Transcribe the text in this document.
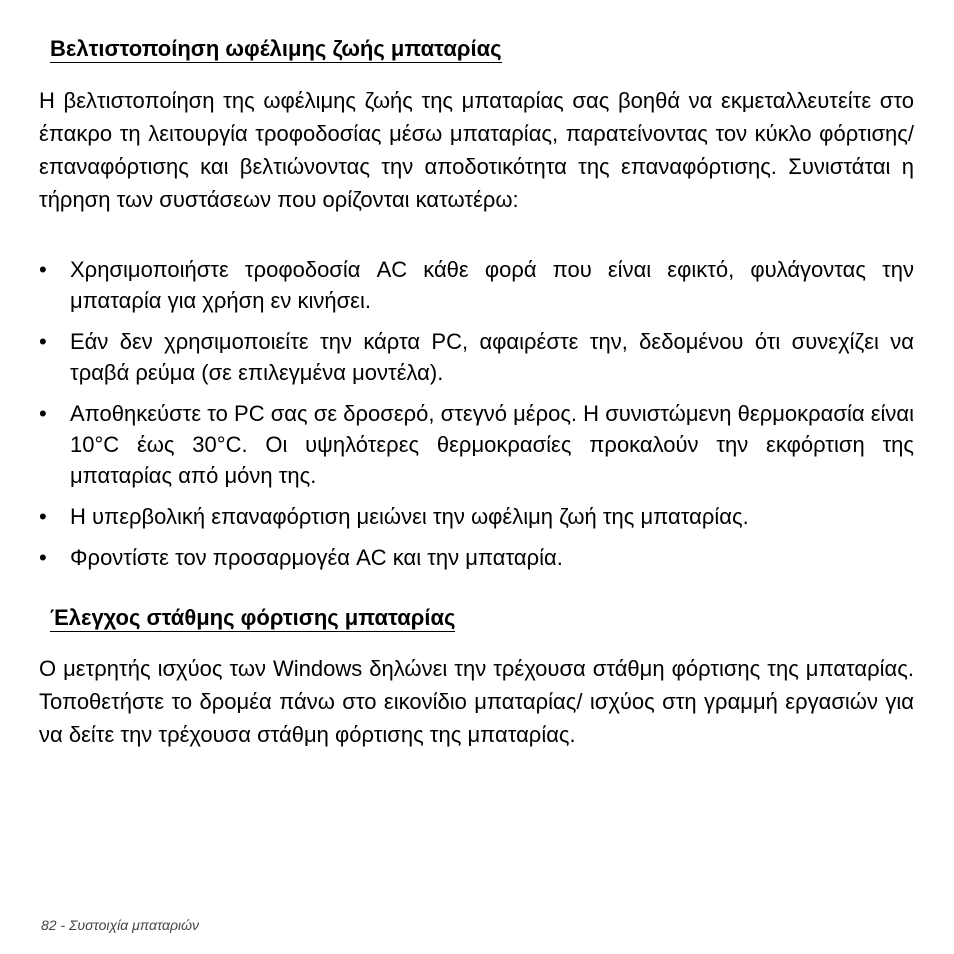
Βελτιστοποίηση ωφέλιμης ζωής μπαταρίας
Η βελτιστοποίηση της ωφέλιμης ζωής της μπαταρίας σας βοηθά να εκμεταλλευτείτε στο έπακρο τη λειτουργία τροφοδοσίας μέσω μπαταρίας, παρατείνοντας τον κύκλο φόρτισης/επαναφόρτισης και βελτιώνοντας την αποδοτικότητα της επαναφόρτισης. Συνιστάται η τήρηση των συστάσεων που ορίζονται κατωτέρω:
• Χρησιμοποιήστε τροφοδοσία AC κάθε φορά που είναι εφικτό, φυλάγοντας την μπαταρία για χρήση εν κινήσει.
• Εάν δεν χρησιμοποιείτε την κάρτα PC, αφαιρέστε την, δεδομένου ότι συνεχίζει να τραβά ρεύμα (σε επιλεγμένα μοντέλα).
• Αποθηκεύστε το PC σας σε δροσερό, στεγνό μέρος. Η συνιστώμενη θερμοκρασία είναι 10°C έως 30°C. Οι υψηλότερες θερμοκρασίες προκαλούν την εκφόρτιση της μπαταρίας από μόνη της.
• Η υπερβολική επαναφόρτιση μειώνει την ωφέλιμη ζωή της μπαταρίας.
• Φροντίστε τον προσαρμογέα AC και την μπαταρία.
Έλεγχος στάθμης φόρτισης μπαταρίας
Ο μετρητής ισχύος των Windows δηλώνει την τρέχουσα στάθμη φόρτισης της μπαταρίας. Τοποθετήστε το δρομέα πάνω στο εικονίδιο μπαταρίας/ ισχύος στη γραμμή εργασιών για να δείτε την τρέχουσα στάθμη φόρτισης της μπαταρίας.
82 - Συστοιχία μπαταριών
